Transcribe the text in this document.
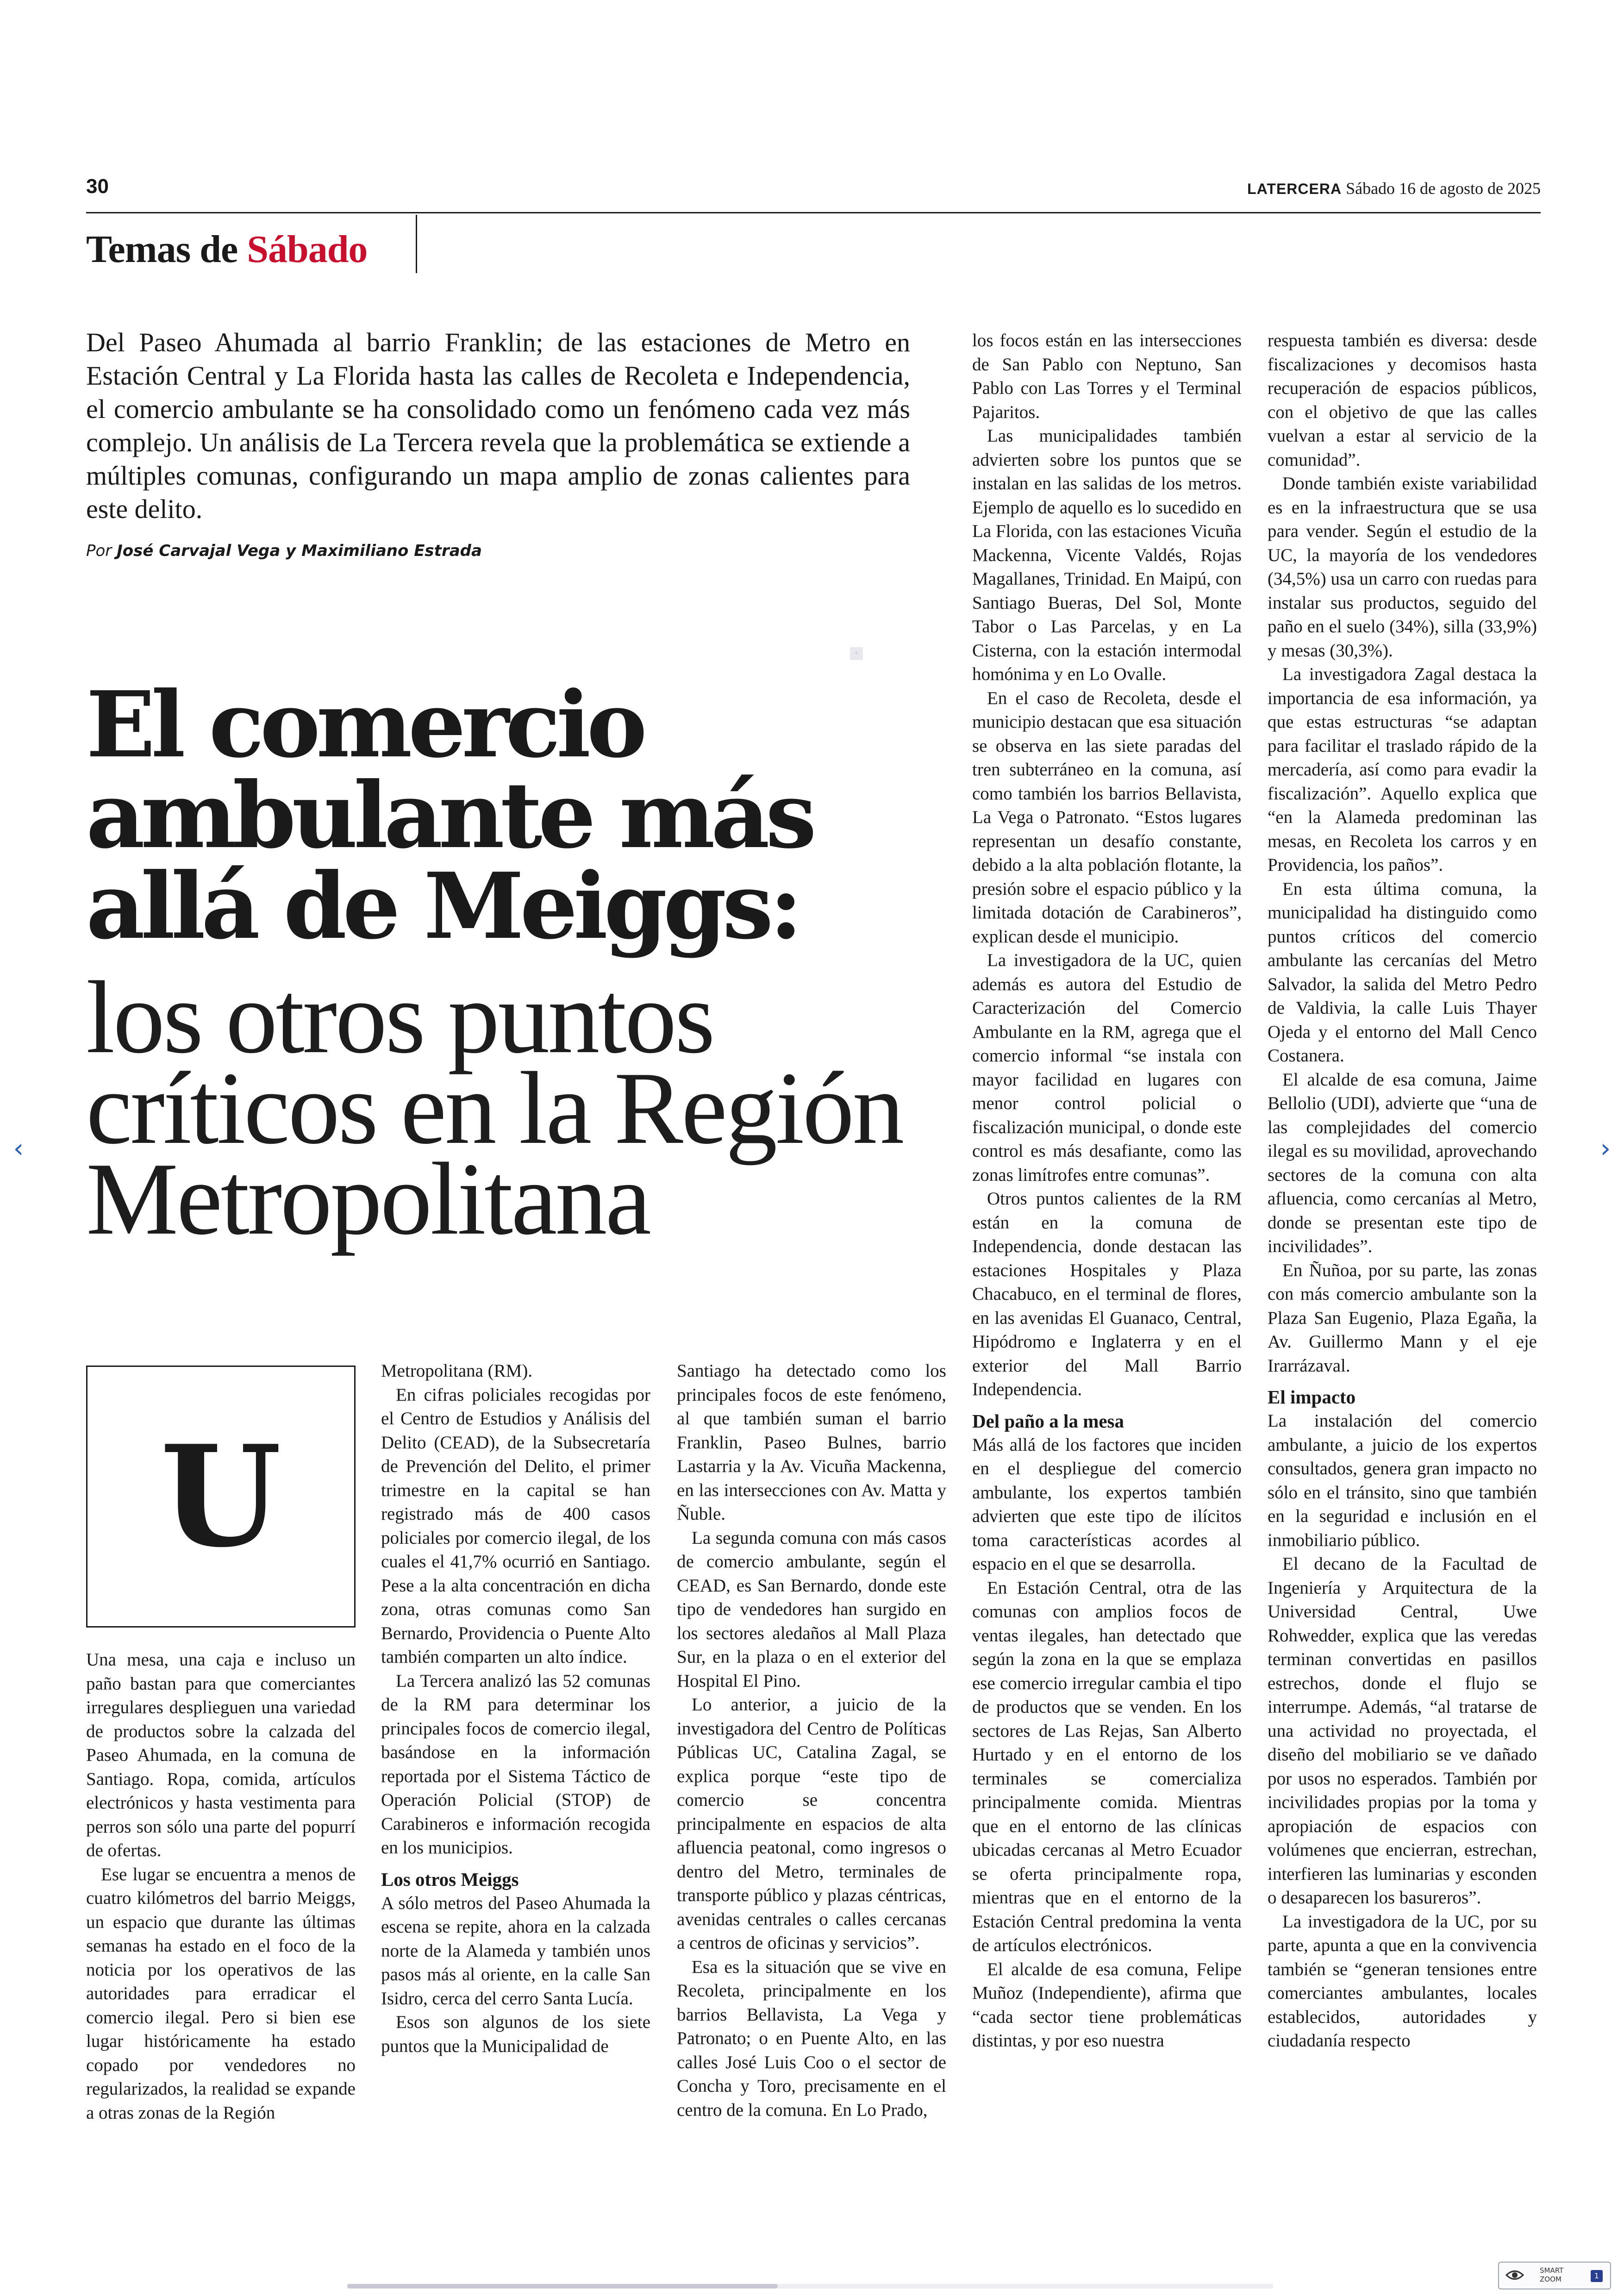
30	LATERCERA Sábado 16 de agosto de 2025
Temas de Sábado

Del Paseo Ahumada al barrio Franklin; de las estaciones de Metro en Estación Central y La Florida hasta las calles de Recoleta e Independencia, el comercio ambulante se ha consolidado como un fenómeno cada vez más complejo. Un análisis de La Tercera revela que la problemática se extiende a múltiples comunas, configurando un mapa amplio de zonas calientes para este delito.

Por José Carvajal Vega y Maximiliano Estrada
◦
El comercio ambulante más allá de Meiggs:
los otros puntos críticos en la Región Metropolitana
U

Una mesa, una caja e incluso un paño bastan para que comerciantes irregulares desplieguen una variedad de productos sobre la calzada del Paseo Ahumada, en la comuna de Santiago. Ropa, comida, artículos electrónicos y hasta vestimenta para perros son sólo una parte del popurrí de ofertas.

Ese lugar se encuentra a menos de cuatro kilómetros del barrio Meiggs, un espacio que durante las últimas semanas ha estado en el foco de la noticia por los operativos de las autoridades para erradicar el comercio ilegal. Pero si bien ese lugar históricamente ha estado copado por vendedores no regularizados, la realidad se expande a otras zonas de la Región

Metropolitana (RM).

En cifras policiales recogidas por el Centro de Estudios y Análisis del Delito (CEAD), de la Subsecretaría de Prevención del Delito, el primer trimestre en la capital se han registrado más de 400 casos policiales por comercio ilegal, de los cuales el 41,7% ocurrió en Santiago. Pese a la alta concentración en dicha zona, otras comunas como San Bernardo, Providencia o Puente Alto también comparten un alto índice.

La Tercera analizó las 52 comunas de la RM para determinar los principales focos de comercio ilegal, basándose en la información reportada por el Sistema Táctico de Operación Policial (STOP) de Carabineros e información recogida en los municipios.

Los otros Meiggs

A sólo metros del Paseo Ahumada la escena se repite, ahora en la calzada norte de la Alameda y también unos pasos más al oriente, en la calle San Isidro, cerca del cerro Santa Lucía.

Esos son algunos de los siete puntos que la Municipalidad de

Santiago ha detectado como los principales focos de este fenómeno, al que también suman el barrio Franklin, Paseo Bulnes, barrio Lastarria y la Av. Vicuña Mackenna, en las intersecciones con Av. Matta y Ñuble.

La segunda comuna con más casos de comercio ambulante, según el CEAD, es San Bernardo, donde este tipo de vendedores han surgido en los sectores aledaños al Mall Plaza Sur, en la plaza o en el exterior del Hospital El Pino.

Lo anterior, a juicio de la investigadora del Centro de Políticas Públicas UC, Catalina Zagal, se explica porque “este tipo de comercio se concentra principalmente en espacios de alta afluencia peatonal, como ingresos o dentro del Metro, terminales de transporte público y plazas céntricas, avenidas centrales o calles cercanas a centros de oficinas y servicios”.

Esa es la situación que se vive en Recoleta, principalmente en los barrios Bellavista, La Vega y Patronato; o en Puente Alto, en las calles José Luis Coo o el sector de Concha y Toro, precisamente en el centro de la comuna. En Lo Prado,

los focos están en las intersecciones de San Pablo con Neptuno, San Pablo con Las Torres y el Terminal Pajaritos.

Las municipalidades también advierten sobre los puntos que se instalan en las salidas de los metros. Ejemplo de aquello es lo sucedido en La Florida, con las estaciones Vicuña Mackenna, Vicente Valdés, Rojas Magallanes, Trinidad. En Maipú, con Santiago Bueras, Del Sol, Monte Tabor o Las Parcelas, y en La Cisterna, con la estación intermodal homónima y en Lo Ovalle.

En el caso de Recoleta, desde el municipio destacan que esa situación se observa en las siete paradas del tren subterráneo en la comuna, así como también los barrios Bellavista, La Vega o Patronato. “Estos lugares representan un desafío constante, debido a la alta población flotante, la presión sobre el espacio público y la limitada dotación de Carabineros”, explican desde el municipio.

La investigadora de la UC, quien además es autora del Estudio de Caracterización del Comercio Ambulante en la RM, agrega que el comercio informal “se instala con mayor facilidad en lugares con menor control policial o fiscalización municipal, o donde este control es más desafiante, como las zonas limítrofes entre comunas”.

Otros puntos calientes de la RM están en la comuna de Independencia, donde destacan las estaciones Hospitales y Plaza Chacabuco, en el terminal de flores, en las avenidas El Guanaco, Central, Hipódromo e Inglaterra y en el exterior del Mall Barrio Independencia.

Del paño a la mesa

Más allá de los factores que inciden en el despliegue del comercio ambulante, los expertos también advierten que este tipo de ilícitos toma características acordes al espacio en el que se desarrolla.

En Estación Central, otra de las comunas con amplios focos de ventas ilegales, han detectado que según la zona en la que se emplaza ese comercio irregular cambia el tipo de productos que se venden. En los sectores de Las Rejas, San Alberto Hurtado y en el entorno de los terminales se comercializa principalmente comida. Mientras que en el entorno de las clínicas ubicadas cercanas al Metro Ecuador se oferta principalmente ropa, mientras que en el entorno de la Estación Central predomina la venta de artículos electrónicos.

El alcalde de esa comuna, Felipe Muñoz (Independiente), afirma que “cada sector tiene problemáticas distintas, y por eso nuestra

respuesta también es diversa: desde fiscalizaciones y decomisos hasta recuperación de espacios públicos, con el objetivo de que las calles vuelvan a estar al servicio de la comunidad”.

Donde también existe variabilidad es en la infraestructura que se usa para vender. Según el estudio de la UC, la mayoría de los vendedores (34,5%) usa un carro con ruedas para instalar sus productos, seguido del paño en el suelo (34%), silla (33,9%) y mesas (30,3%).

La investigadora Zagal destaca la importancia de esa información, ya que estas estructuras “se adaptan para facilitar el traslado rápido de la mercadería, así como para evadir la fiscalización”. Aquello explica que “en la Alameda predominan las mesas, en Recoleta los carros y en Providencia, los paños”.

En esta última comuna, la municipalidad ha distinguido como puntos críticos del comercio ambulante las cercanías del Metro Salvador, la salida del Metro Pedro de Valdivia, la calle Luis Thayer Ojeda y el entorno del Mall Cenco Costanera.

El alcalde de esa comuna, Jaime Bellolio (UDI), advierte que “una de las complejidades del comercio ilegal es su movilidad, aprovechando sectores de la comuna con alta afluencia, como cercanías al Metro, donde se presentan este tipo de incivilidades”.

En Ñuñoa, por su parte, las zonas con más comercio ambulante son la Plaza San Eugenio, Plaza Egaña, la Av. Guillermo Mann y el eje Irarrázaval.

El impacto

La instalación del comercio ambulante, a juicio de los expertos consultados, genera gran impacto no sólo en el tránsito, sino que también en la seguridad e inclusión en el inmobiliario público.

El decano de la Facultad de Ingeniería y Arquitectura de la Universidad Central, Uwe Rohwedder, explica que las veredas terminan convertidas en pasillos estrechos, donde el flujo se interrumpe. Además, “al tratarse de una actividad no proyectada, el diseño del mobiliario se ve dañado por usos no esperados. También por incivilidades propias por la toma y apropiación de espacios con volúmenes que encierran, estrechan, interfieren las luminarias y esconden o desaparecen los basureros”.

La investigadora de la UC, por su parte, apunta a que en la convivencia también se “generan tensiones entre comerciantes ambulantes, locales establecidos, autoridades y ciudadanía respecto

‹	›
SMART
ZOOM	1
